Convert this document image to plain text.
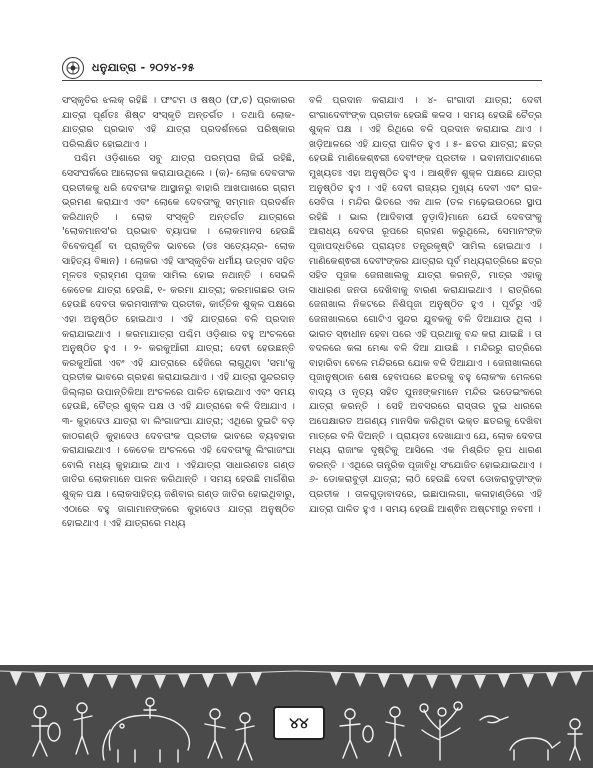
ଧନୁଯାତ୍ରା - ୨୦୨୪-୨୫

ସଂସ୍କୃତିର ଝଲକ୍ ରହିଛି । ଫଂଟମ ଓ ଷଷ୍ଠ (ଫ,ଚ) ପ୍ରକାରର ଯାତ୍ରା ପୂର୍ଣତଃ ଶିଷ୍ଟ ସଂସ୍କୃତି ଅନ୍ତର୍ଗତ । ତଥାପି ଲୋକ-ଯାତ୍ରାର ପ୍ରଭାବ ଏହି ଯାତ୍ରା ପ୍ରଦର୍ଶନରେ ପରିଷ୍କାର ପରିଲକ୍ଷିତ ହୋଇଥାଏ ।

ପଶ୍ଚିମ ଓଡ଼ିଶାରେ ସବୁ ଯାତ୍ରା ପରମ୍ପରା ଜିଇଁ ରହିଛି, ସେସଂପର୍କରେ ଆଲୋଚନା କରାଯାଉଥିଲେ । (କ)- ଲୋକ ଦେବତାଂକ ପ୍ରତୀକକୁ ଧରି ଦେବତାଂକ ଆସ୍ଥାନରୁ ବାହାରି ଆଖପାଖରେ ଗ୍ରାମ ଭ୍ରମଣ କରାଯାଏ ଏବଂ ଲୋକେ ଦେବତାଂକୁ ସମ୍ମାନ ପ୍ରଦର୍ଶନ କରିଥାନ୍ତି । ଲୋକ ସଂସ୍କୃତି ଅନ୍ତର୍ଗତ ଯାତ୍ରାରେ 'ଲୋକମାନସ'ର ପ୍ରଭାବ ବ୍ୟାପକ । ଲୋକମାନସ ହେଉଛି ବିବେକପୂର୍ଣ ବା ପ୍ରାକୃତିକ ଭାବରେ (ଡଃ ସତ୍ୟେନ୍ଦ୍ର- ଲୋକ ସାହିତ୍ୟ ବିଜ୍ଞାନ) । ଲୋକର ଏହି ସାଂସ୍କୃତିକ ଧର୍ମୀୟ ଉତ୍ସବ ସହିତ ମୂଳତଃ ବ୍ରାହ୍ମଣ ପୂଜକ ସାମିଲ ହୋଇ ନଥାନ୍ତି । ସେଭଳି କେତେକ ଯାତ୍ରା ହେଉଛି, ୧- କରମା ଯାତ୍ରା; କରମାଗଛର ଡାଳ ହେଉଛି ଦେବତା କରମସାନୀଂକ ପ୍ରତୀକ, କାର୍ତ୍ତିକ ଶୁକ୍ଳ ପକ୍ଷରେ ଏହା ଅନୁଷ୍ଠିତ ହୋଇଥାଏ । ଏହି ଯାତ୍ରାରେ ବଳି ପ୍ରଦାନ କରାଯାଇଥାଏ । କରମାଯାତ୍ରା ପଶ୍ଚିମ ଓଡ଼ିଶାର ବହୁ ଅଂଚଳରେ ଅନୁଷ୍ଠିତ ହୁଏ । ୨- କରକୁଆଁରୀ ଯାତ୍ରା; ଦେବୀ ହେଉଛନ୍ତି କରକୁଆଁରୀ ଏବଂ ଏହି ଯାତ୍ରାରେ ହେଁଜିରେ ଲାଗୁଥିବା 'ସମା'କୁ ପ୍ରତୀକ ଭାବରେ ଗ୍ରହଣ କରାଯାଇଥାଏ । ଏହି ଯାତ୍ରା ସୁନ୍ଦରଗଡ଼ ଜିଲ୍ଲାର ଉପାନ୍ତିକିଆ ଅଂଚଳରେ ପାଳିତ ହୋଇଥାଏ ଏବଂ ସମୟ ହେଉଛି, ଚୈତ୍ର ଶୁକ୍ଳ ପକ୍ଷ ଓ ଏହି ଯାତ୍ରାରେ ବଳି ଦିଆଯାଏ । ୩- କୁହାଦେଓ ଯାତ୍ରା ବା ଲିଂଗାଜଂଘା ଯାତ୍ରା; ଏଥିରେ ଦୁଇଟି ବଡ଼ କାଠଗଣ୍ଡି କୁହାଦେଓ ଦେବତାଂକ ପ୍ରତୀକ ଭାବରେ ବ୍ୟବହାର କରାଯାଇଥାଏ । କେତେକ ଅଂଚଳରେ ଏହି ଦେବତାଂକୁ ଲିଂଗାଜଂଘା ବୋଲି ମଧ୍ୟ କୁହାଯାଇ ଥାଏ । ଏହିଯାତ୍ରା ସାଧାରଣତଃ ଗଣ୍ଡ ଜାତିର ଲୋକମାନେ ପାଳନ କରିଥାନ୍ତି । ସମୟ ହେଉଛି ମାର୍ଗଶିର ଶୁକ୍ଳ ପକ୍ଷ । ଲୋକସାହିତ୍ୟ ଜଣିବାର ଗଣ୍ଡ ଜାତିର ହୋଇଥିବାରୁ, ଏଠାରେ ବହୁ ଜାଗାମାନଙ୍କରେ କୁହାଦେଓ ଯାତ୍ରା ଅନୁଷ୍ଠିତ ହୋଇଥାଏ । ଏହି ଯାତ୍ରାରେ ମଧ୍ୟ

ବଳି ପ୍ରଦାନ କରାଯାଏ । ୪- ଗଂଗାଦୀ ଯାତ୍ରା; ଦେବୀ ଗଂଗାଦେବୀଂଙ୍କ ପ୍ରତୀକ ହେଉଛି କଳସ । ସମୟ ହେଉଛି ଚୈତ୍ର ଶୁକ୍ଳ ପକ୍ଷ । ଏହି ରିଥିରେ ବଳି ପ୍ରଦାନ କରାଯାଇ ଥାଏ । ଖଡ଼ିଆଳରେ ଏହି ଯାତ୍ରା ପାଳିତ ହୁଏ । ୫- ଛତର ଯାତ୍ରା; ଛତ୍ର ହେଉଛି ମାଣିକେଶ୍ଵରୀ ଦେବୀଂଙ୍କ ପ୍ରତୀକ । ଭବାନୀପାଟଣାରେ ମୁଖ୍ୟତଃ ଏହା ଅନୁଷ୍ଠିତ ହୁଏ । ଆଶ୍ଵିନ ଶୁକ୍ଳ ପକ୍ଷରେ ଯାତ୍ରା ଅନୁଷ୍ଠିତ ହୁଏ । ଏହି ଦେବୀ ରାଜ୍ୟର ମୁଖ୍ୟ ଦେବୀ ଏବଂ ରାଜ-ସେବିତା । ମନ୍ଦିର ଭିତରେ ଏକ ଥାଳ (ତଳ ମଢ଼େଇଉଠରେ ସ୍ଥାପ ରହିଛି । ଭାଲ (ଆଦିବାସୀ ନୁଡ଼ାଦି)ମାନେ ଯେଉଁ ଦେବତାଂକୁ ଆରାଧ୍ୟ ଦେବତା ରୂପରେ ଗ୍ରହଣ କରୁଥିଲେ, ସେମାନଂଙ୍କ ପୂଜାପଦ୍ଧତିରେ ପ୍ରାୟତଃ ତନ୍ତ୍ରକୃଷ୍ଟି ସାମିଲ ହୋଇଥାଏ । ମାଣିକେଶ୍ଵରୀ ଦେବୀଂଙ୍କର ଯାତ୍ରାର ପୂର୍ବ ମଧ୍ୟରାତ୍ରିରେ ଛତ୍ର ସହିତ ପୂଜକ ଜେନାଖାଲକୁ ଯାତ୍ରା କରନ୍ତି, ମାତ୍ର ଏହାକୁ ସାଧାରଣ ଜନତା ଦେଖିବାକୁ ବାରଣ କରାଯାଇଥାଏ । ରାତ୍ରିରେ ଜେନାଖାଲ ନିକଟରେ ନିଶିପୂଜା ଅନୁଷ୍ଠିତ ହୁଏ । ପୂର୍ବରୁ ଏହି ଜେନାଖାଲରେ ଗୋଟିଏ ସୁନ୍ଦର ଯୁବକକୁ ବଳି ଦିଆଯାଉ ଥିଲା । ଭାରତ ସ୍ଵାଧୀନ ହେବା ପରେ ଏହି ପ୍ରଥାକୁ ବନ୍ଦ କରା ଯାଇଛି । ତା ବଦଳରେ କଳା ମେଣ୍ଢା ବଳି ଦିଆ ଯାଉଛି । ମନ୍ଦିରରୁ ରାତ୍ରିରେ ବାହାରିବା ବେଳେ ମନ୍ଦିରରେ ଯୋକ ବଳି ଦିଆଯାଏ । ଜେନାଖାଲରେ ପୂଜାନୁଷ୍ଠାନ ଶେଷ ହେବାପରେ ଛତରକୁ ବହୁ ଲୋକଂକ ମେଳରେ ବାଦ୍ୟ ଓ ନୃତ୍ୟ ସହିତ ପୁନଃଙ୍କମାନେ ମନ୍ଦିର ଭଡେଇଂକରେ ଯାତ୍ରା କରନ୍ତି । ସେହି ଅବସରରେ ରାସ୍ତାର ଦୁଇ ଧାରରେ ଅପେକ୍ଷାରତ ଅଗଣ୍ୟ ମାନସିକ କରିଥିବା ଭକ୍ତ ଛତରକୁ ଦେଖିବା ମାତ୍ରେ ବଳି ଦିଅନ୍ତି । ପ୍ରାୟତଃ ଦେଖାଯାଏ ଯେ, ଲୋକ ଦେବତା ମଧ୍ୟ ରାଜାଂକ ଦୃଷ୍ଟିକୁ ଆସିଲେ ଏକ ମିଶ୍ରିତ ରୂପ ଧାରଣ କରନ୍ତି । ଏଥିରେ ତାନ୍ତ୍ରିକ ପୂଜାବିଧି ସଂଯୋଜିତ ହୋଇଯାଇଥାଏ । ୬- ଡୋକରାବୁଡ଼ୀ ଯାତ୍ରା; ଲାଠି ହେଉଛି ଦେବୀ ଡୋକରାବୁଡ଼ୀଂଙ୍କ ପ୍ରତୀକ । ତାଳଗୁଡ଼ାବାଦରେ, ଇଛାପାଲଗା, କଳାହାଣ୍ଡିରେ ଏହି ଯାତ୍ରା ପାଳିତ ହୁଏ । ସମୟ ହେଉଛି ଆଶ୍ଵିନ ଅଷ୍ଟମୀରୁ ନବମୀ ।

୪୪
